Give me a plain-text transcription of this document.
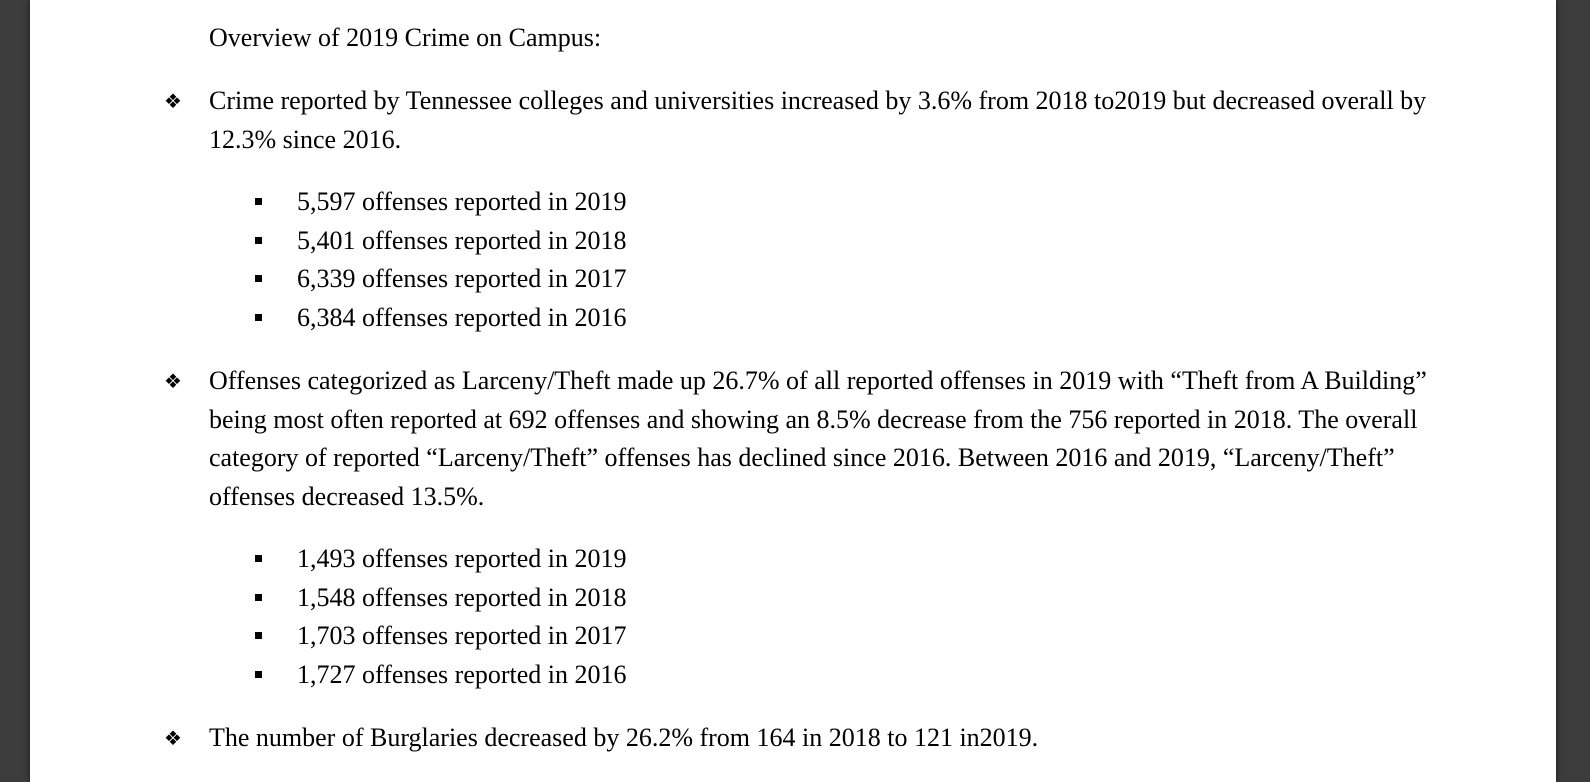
Overview of 2019 Crime on Campus:
❖ Crime reported by Tennessee colleges and universities increased by 3.6% from 2018 to2019 but decreased overall by 12.3% since 2016.
5,597 offenses reported in 2019
5,401 offenses reported in 2018
6,339 offenses reported in 2017
6,384 offenses reported in 2016
❖ Offenses categorized as Larceny/Theft made up 26.7% of all reported offenses in 2019 with “Theft from A Building” being most often reported at 692 offenses and showing an 8.5% decrease from the 756 reported in 2018. The overall category of reported “Larceny/Theft” offenses has declined since 2016. Between 2016 and 2019, “Larceny/Theft” offenses decreased 13.5%.
1,493 offenses reported in 2019
1,548 offenses reported in 2018
1,703 offenses reported in 2017
1,727 offenses reported in 2016
❖ The number of Burglaries decreased by 26.2% from 164 in 2018 to 121 in2019.
